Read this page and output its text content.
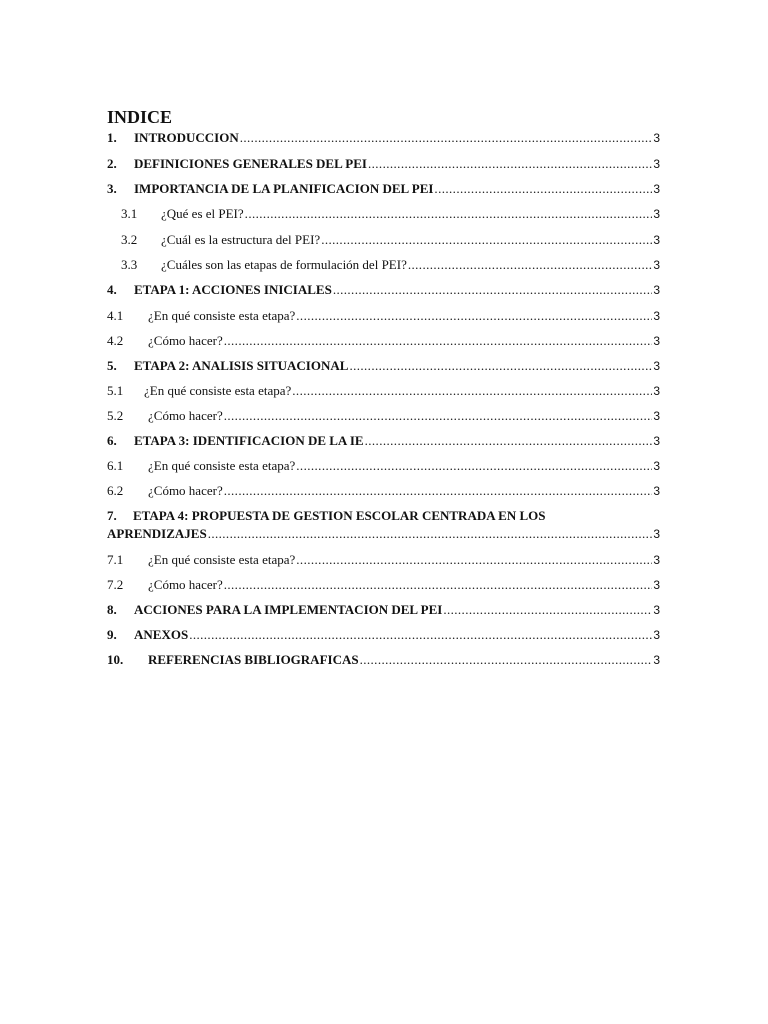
INDICE
1. INTRODUCCION .....	3
2. DEFINICIONES GENERALES DEL PEI .....	3
3. IMPORTANCIA DE LA PLANIFICACION DEL PEI .....	3
3.1 ¿Qué es el PEI? .....	3
3.2 ¿Cuál es la estructura del PEI? .....	3
3.3 ¿Cuáles son las etapas de formulación del PEI? .....	3
4. ETAPA 1: ACCIONES INICIALES .....	3
4.1 ¿En qué consiste esta etapa? .....	3
4.2 ¿Cómo hacer? .....	3
5. ETAPA 2: ANALISIS SITUACIONAL .....	3
5.1 ¿En qué consiste esta etapa? .....	3
5.2 ¿Cómo hacer? .....	3
6. ETAPA 3: IDENTIFICACION DE LA IE .....	3
6.1 ¿En qué consiste esta etapa? .....	3
6.2 ¿Cómo hacer? .....	3
7. ETAPA 4: PROPUESTA DE GESTION ESCOLAR CENTRADA EN LOS
APRENDIZAJES .....	3
7.1 ¿En qué consiste esta etapa? .....	3
7.2 ¿Cómo hacer? .....	3
8. ACCIONES PARA LA IMPLEMENTACION DEL PEI .....	3
9. ANEXOS .....	3
10. REFERENCIAS BIBLIOGRAFICAS .....	3
